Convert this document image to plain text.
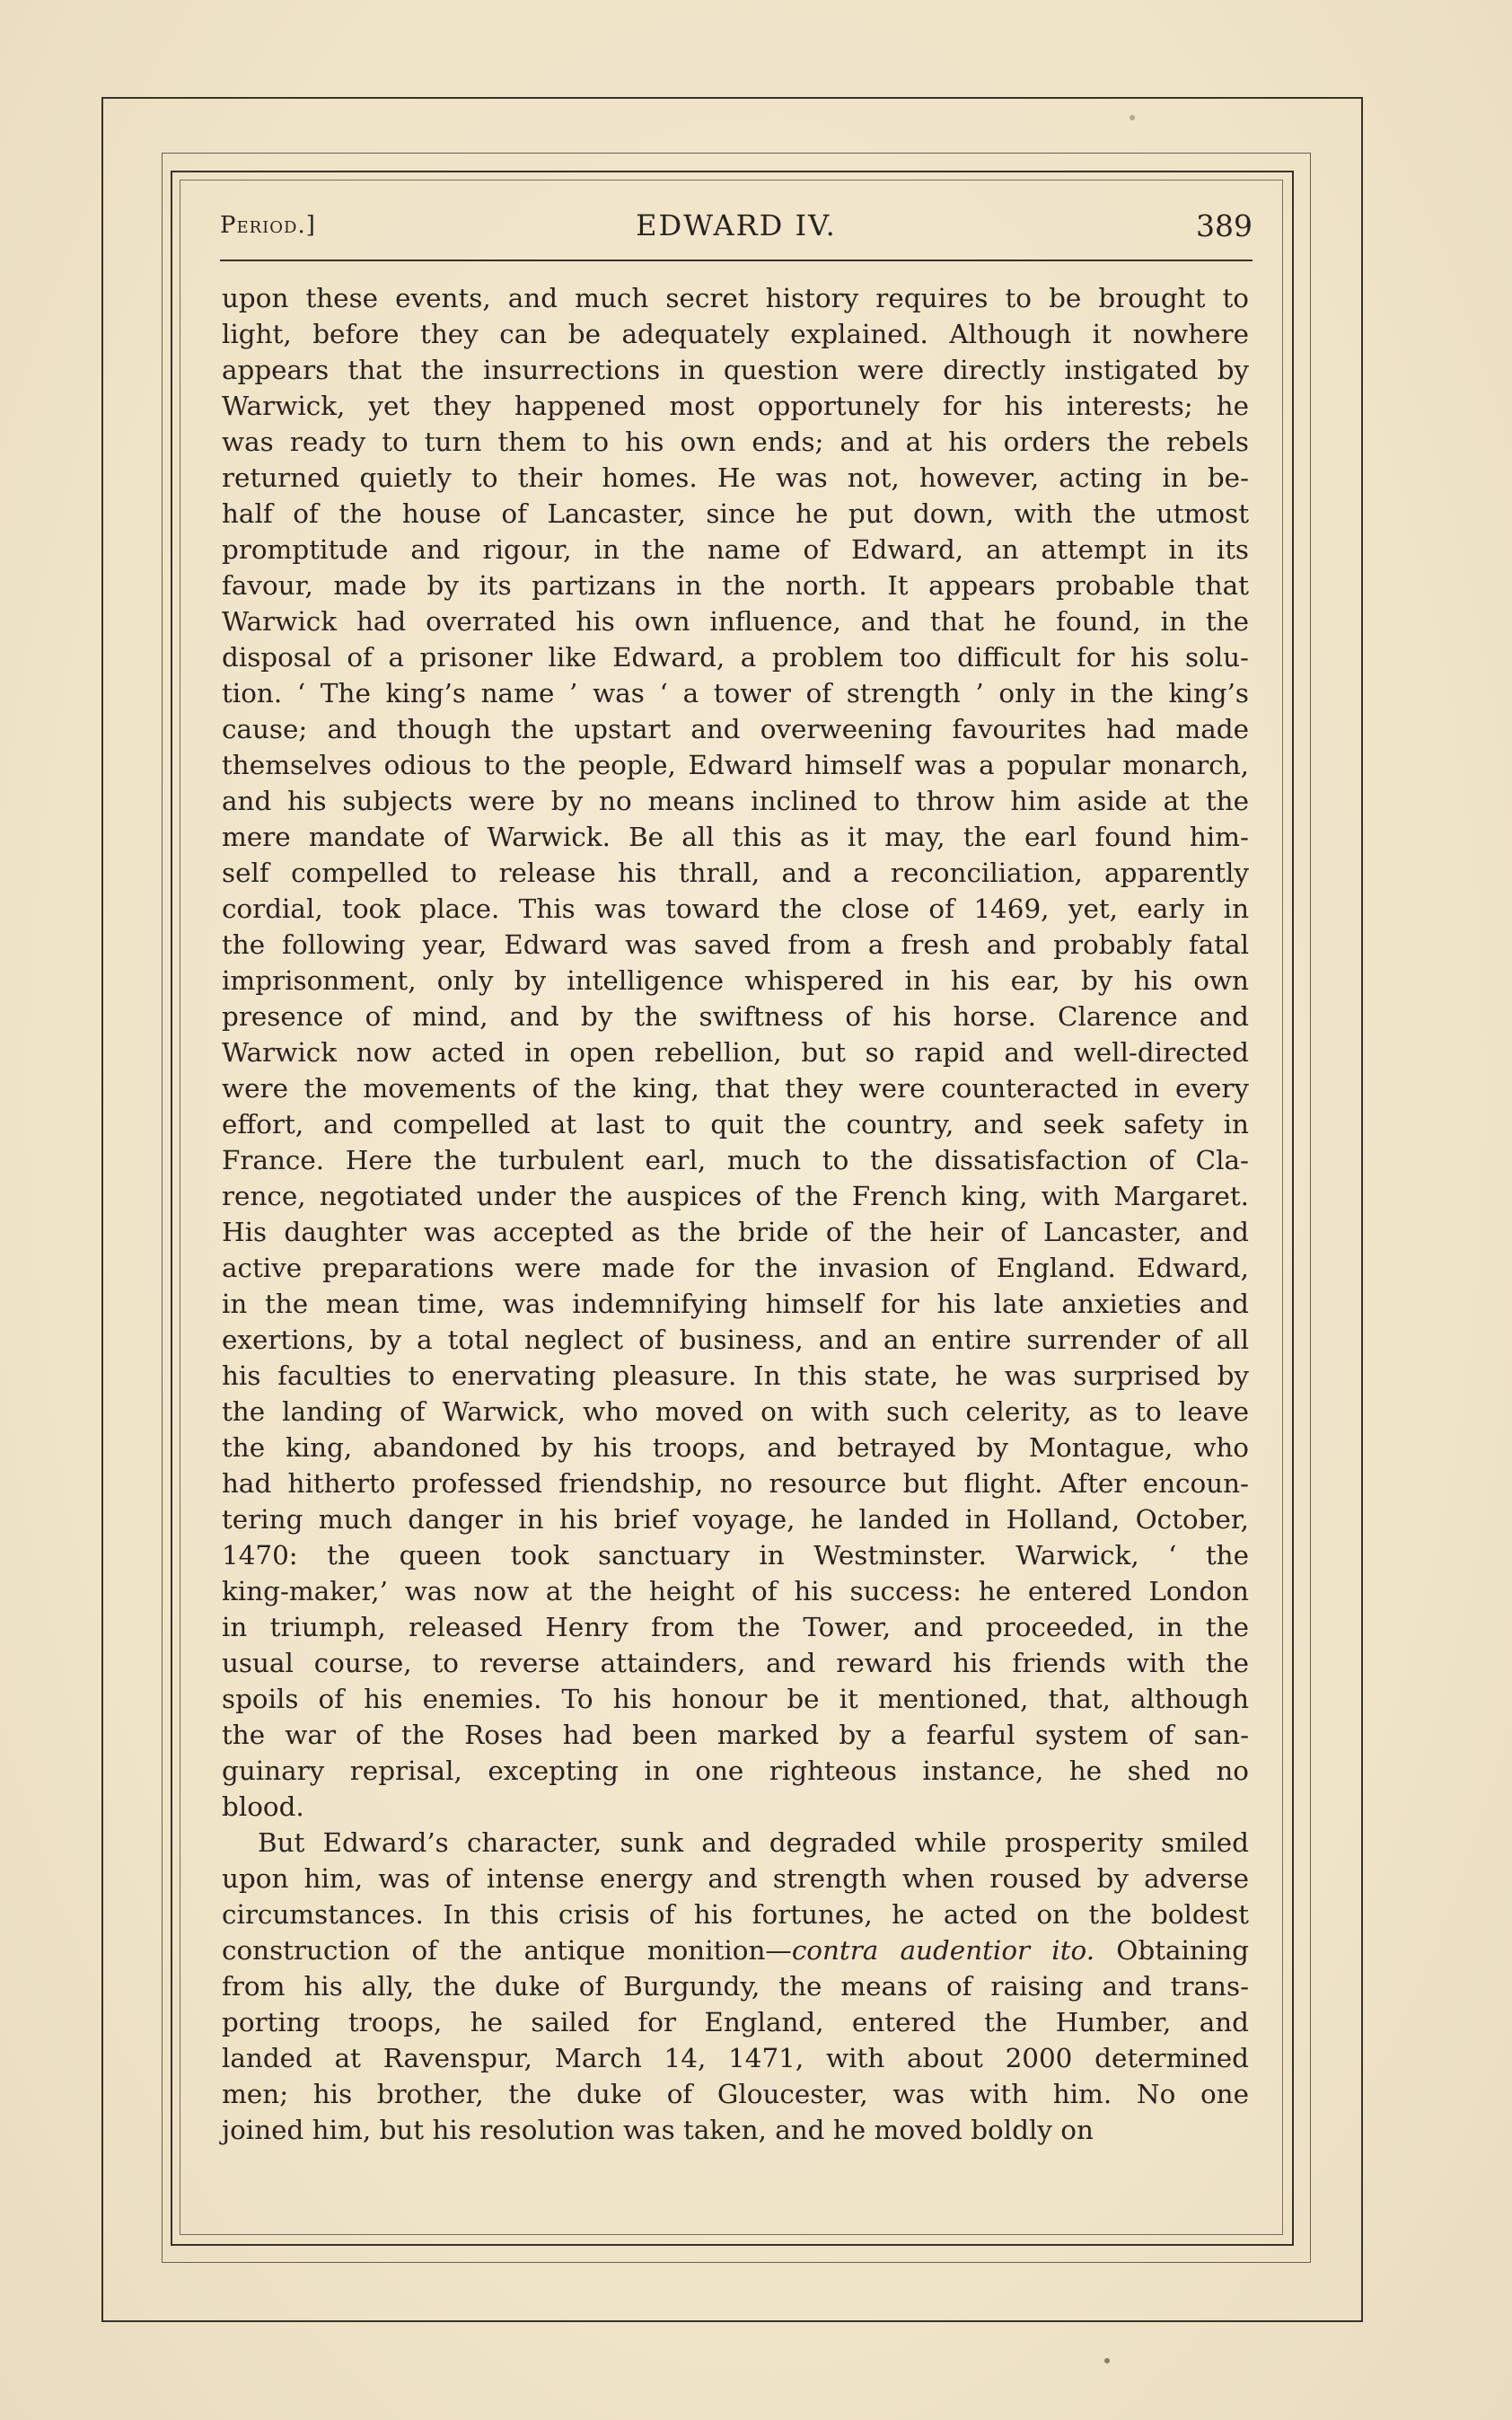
Period.]	EDWARD IV.	389
upon these events, and much secret history requires to be brought to
light, before they can be adequately explained. Although it nowhere
appears that the insurrections in question were directly instigated by
Warwick, yet they happened most opportunely for his interests; he
was ready to turn them to his own ends; and at his orders the rebels
returned quietly to their homes. He was not, however, acting in be-
half of the house of Lancaster, since he put down, with the utmost
promptitude and rigour, in the name of Edward, an attempt in its
favour, made by its partizans in the north. It appears probable that
Warwick had overrated his own influence, and that he found, in the
disposal of a prisoner like Edward, a problem too difficult for his solu-
tion. ‘ The king’s name ’ was ‘ a tower of strength ’ only in the king’s
cause; and though the upstart and overweening favourites had made
themselves odious to the people, Edward himself was a popular monarch,
and his subjects were by no means inclined to throw him aside at the
mere mandate of Warwick. Be all this as it may, the earl found him-
self compelled to release his thrall, and a reconciliation, apparently
cordial, took place. This was toward the close of 1469, yet, early in
the following year, Edward was saved from a fresh and probably fatal
imprisonment, only by intelligence whispered in his ear, by his own
presence of mind, and by the swiftness of his horse. Clarence and
Warwick now acted in open rebellion, but so rapid and well-directed
were the movements of the king, that they were counteracted in every
effort, and compelled at last to quit the country, and seek safety in
France. Here the turbulent earl, much to the dissatisfaction of Cla-
rence, negotiated under the auspices of the French king, with Margaret.
His daughter was accepted as the bride of the heir of Lancaster, and
active preparations were made for the invasion of England. Edward,
in the mean time, was indemnifying himself for his late anxieties and
exertions, by a total neglect of business, and an entire surrender of all
his faculties to enervating pleasure. In this state, he was surprised by
the landing of Warwick, who moved on with such celerity, as to leave
the king, abandoned by his troops, and betrayed by Montague, who
had hitherto professed friendship, no resource but flight. After encoun-
tering much danger in his brief voyage, he landed in Holland, October,
1470: the queen took sanctuary in Westminster. Warwick, ‘ the
king-maker,’ was now at the height of his success: he entered London
in triumph, released Henry from the Tower, and proceeded, in the
usual course, to reverse attainders, and reward his friends with the
spoils of his enemies. To his honour be it mentioned, that, although
the war of the Roses had been marked by a fearful system of san-
guinary reprisal, excepting in one righteous instance, he shed no
blood.
But Edward’s character, sunk and degraded while prosperity smiled
upon him, was of intense energy and strength when roused by adverse
circumstances. In this crisis of his fortunes, he acted on the boldest
construction of the antique monition—contra audentior ito. Obtaining
from his ally, the duke of Burgundy, the means of raising and trans-
porting troops, he sailed for England, entered the Humber, and
landed at Ravenspur, March 14, 1471, with about 2000 determined
men; his brother, the duke of Gloucester, was with him. No one
joined him, but his resolution was taken, and he moved boldly on
